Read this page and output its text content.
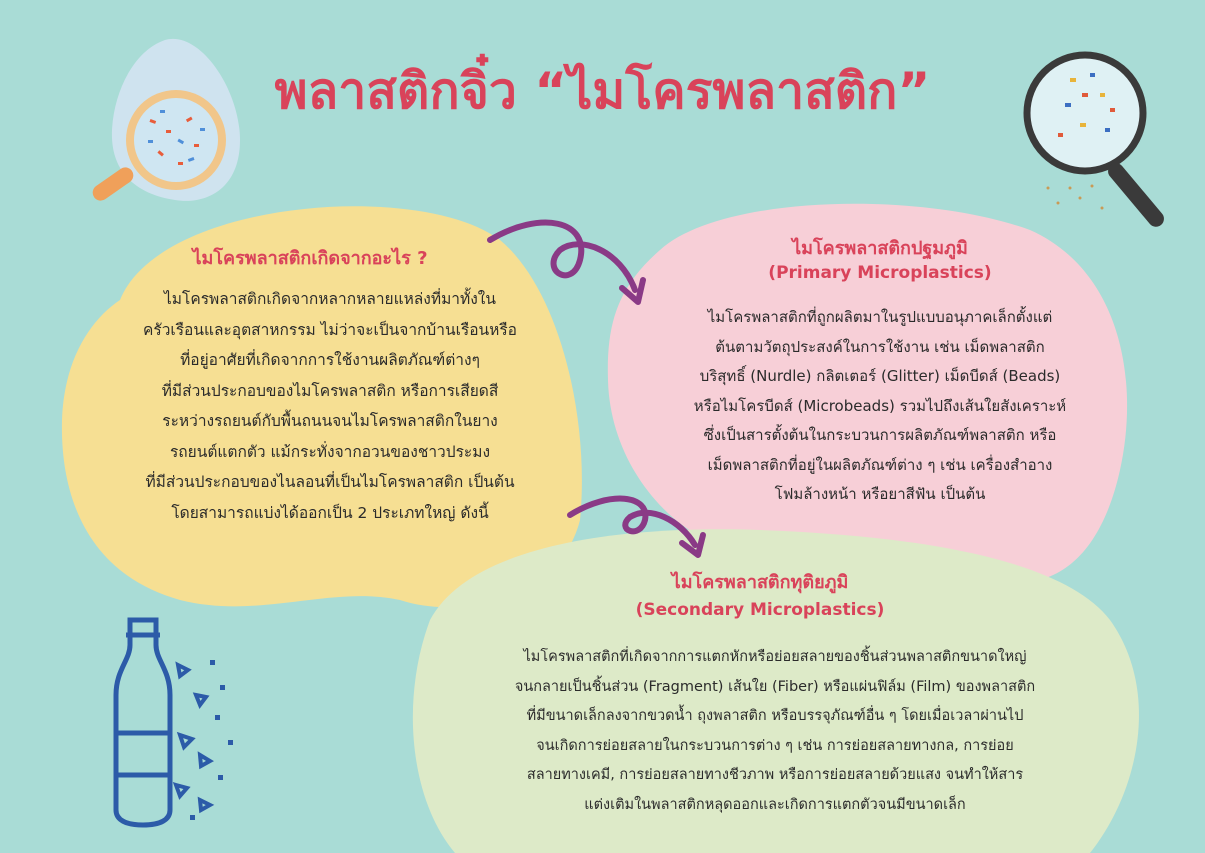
พลาสติกจิ๋ว “ไมโครพลาสติก”
ไมโครพลาสติกเกิดจากอะไร ?
ไมโครพลาสติกเกิดจากหลากหลายแหล่งที่มาทั้งใน
ครัวเรือนและอุตสาหกรรม ไม่ว่าจะเป็นจากบ้านเรือนหรือ
ที่อยู่อาศัยที่เกิดจากการใช้งานผลิตภัณฑ์ต่างๆ
ที่มีส่วนประกอบของไมโครพลาสติก หรือการเสียดสี
ระหว่างรถยนต์กับพื้นถนนจนไมโครพลาสติกในยาง
รถยนต์แตกตัว แม้กระทั่งจากอวนของชาวประมง
ที่มีส่วนประกอบของไนลอนที่เป็นไมโครพลาสติก เป็นต้น
โดยสามารถแบ่งได้ออกเป็น 2 ประเภทใหญ่ ดังนี้
ไมโครพลาสติกปฐมภูมิ
(Primary Microplastics)
ไมโครพลาสติกที่ถูกผลิตมาในรูปแบบอนุภาคเล็กตั้งแต่
ต้นตามวัตถุประสงค์ในการใช้งาน เช่น เม็ดพลาสติก
บริสุทธิ์ (Nurdle) กลิตเตอร์ (Glitter) เม็ดบีดส์ (Beads)
หรือไมโครบีดส์ (Microbeads) รวมไปถึงเส้นใยสังเคราะห์
ซึ่งเป็นสารตั้งต้นในกระบวนการผลิตภัณฑ์พลาสติก หรือ
เม็ดพลาสติกที่อยู่ในผลิตภัณฑ์ต่าง ๆ เช่น เครื่องสำอาง
โฟมล้างหน้า หรือยาสีฟัน เป็นต้น
ไมโครพลาสติกทุติยภูมิ
(Secondary Microplastics)
ไมโครพลาสติกที่เกิดจากการแตกหักหรือย่อยสลายของชิ้นส่วนพลาสติกขนาดใหญ่
จนกลายเป็นชิ้นส่วน (Fragment) เส้นใย (Fiber) หรือแผ่นฟิล์ม (Film) ของพลาสติก
ที่มีขนาดเล็กลงจากขวดน้ำ ถุงพลาสติก หรือบรรจุภัณฑ์อื่น ๆ โดยเมื่อเวลาผ่านไป
จนเกิดการย่อยสลายในกระบวนการต่าง ๆ เช่น การย่อยสลายทางกล, การย่อย
สลายทางเคมี, การย่อยสลายทางชีวภาพ หรือการย่อยสลายด้วยแสง จนทำให้สาร
แต่งเติมในพลาสติกหลุดออกและเกิดการแตกตัวจนมีขนาดเล็ก
